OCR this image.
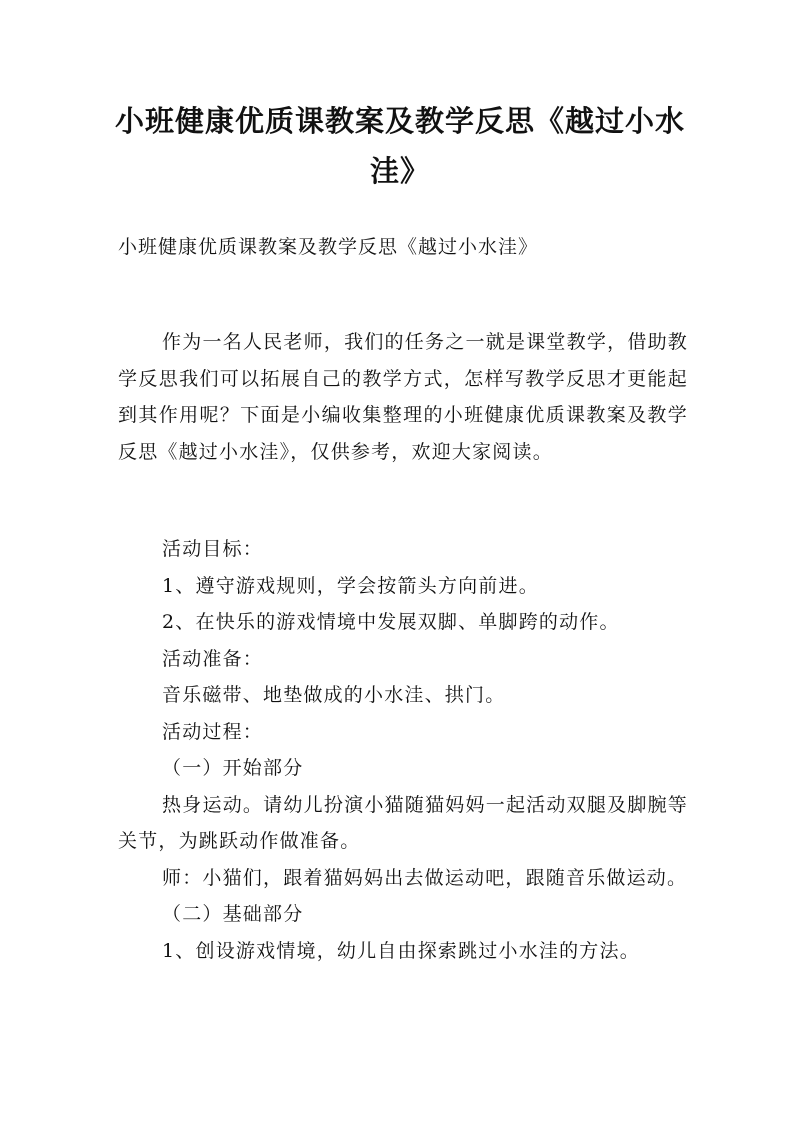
小班健康优质课教案及教学反思《越过小水洼》
小班健康优质课教案及教学反思《越过小水洼》

作为一名人民老师，我们的任务之一就是课堂教学，借助教学反思我们可以拓展自己的教学方式，怎样写教学反思才更能起到其作用呢？下面是小编收集整理的小班健康优质课教案及教学反思《越过小水洼》，仅供参考，欢迎大家阅读。

活动目标：

1、遵守游戏规则，学会按箭头方向前进。

2、在快乐的游戏情境中发展双脚、单脚跨的动作。

活动准备：

音乐磁带、地垫做成的小水洼、拱门。

活动过程：

（一）开始部分

热身运动。请幼儿扮演小猫随猫妈妈一起活动双腿及脚腕等关节，为跳跃动作做准备。

师：小猫们，跟着猫妈妈出去做运动吧，跟随音乐做运动。

（二）基础部分

1、创设游戏情境，幼儿自由探索跳过小水洼的方法。
